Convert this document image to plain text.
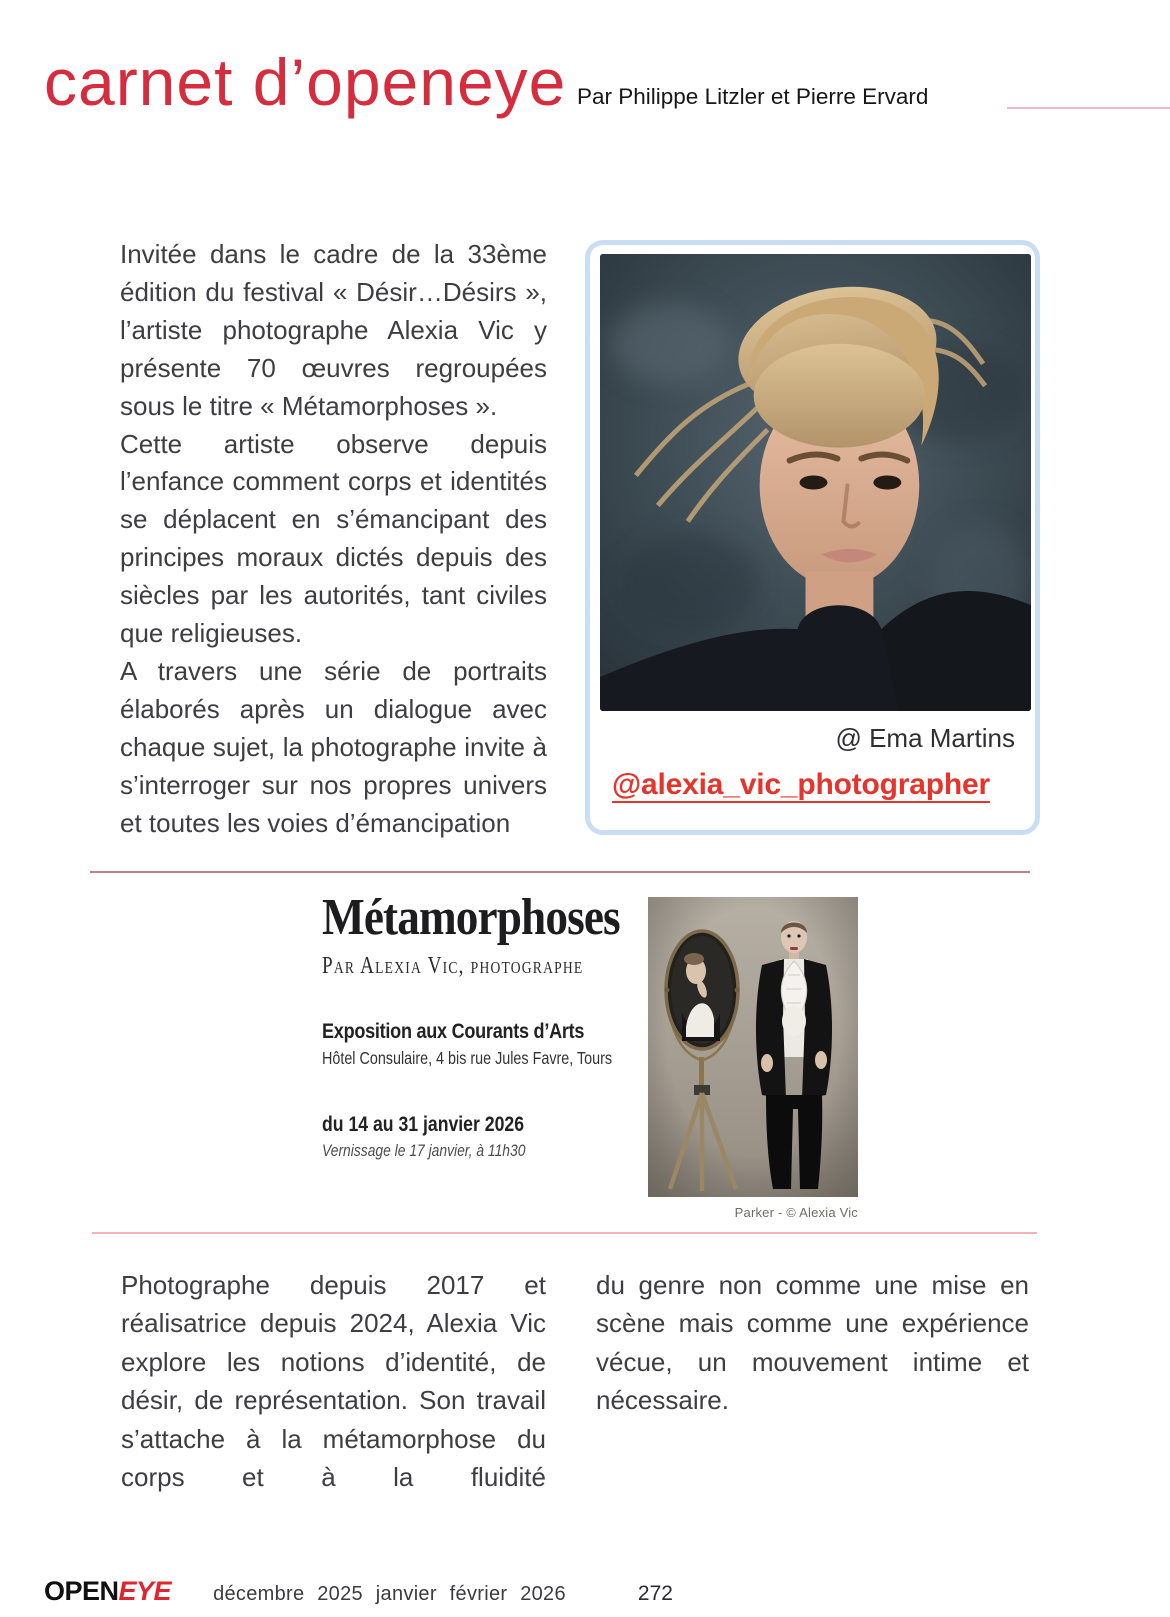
carnet d’openeye Par Philippe Litzler et Pierre Ervard

Invitée dans le cadre de la 33ème édition du festival « Désir…Désirs », l’artiste photographe Alexia Vic y présente 70 œuvres regroupées sous le titre « Métamorphoses ».

Cette artiste observe depuis l’enfance comment corps et identités se déplacent en s’émancipant des principes moraux dictés depuis des siècles par les autorités, tant civiles que religieuses.

A travers une série de portraits élaborés après un dialogue avec chaque sujet, la photographe invite à s’interroger sur nos propres univers et toutes les voies d’émancipation

@ Ema Martins
@alexia_vic_photographer
Métamorphoses
Par Alexia Vic, photographe
Exposition aux Courants d’Arts
Hôtel Consulaire, 4 bis rue Jules Favre, Tours
du 14 au 31 janvier 2026
Vernissage le 17 janvier, à 11h30
Parker - © Alexia Vic

Photographe depuis 2017 et réalisatrice depuis 2024, Alexia Vic explore les notions d’identité, de désir, de représentation. Son travail s’attache à la métamorphose du corps et à la fluidité

du genre non comme une mise en scène mais comme une expérience vécue, un mouvement intime et nécessaire.

OPENEYE décembre 2025 janvier février 2026	272
